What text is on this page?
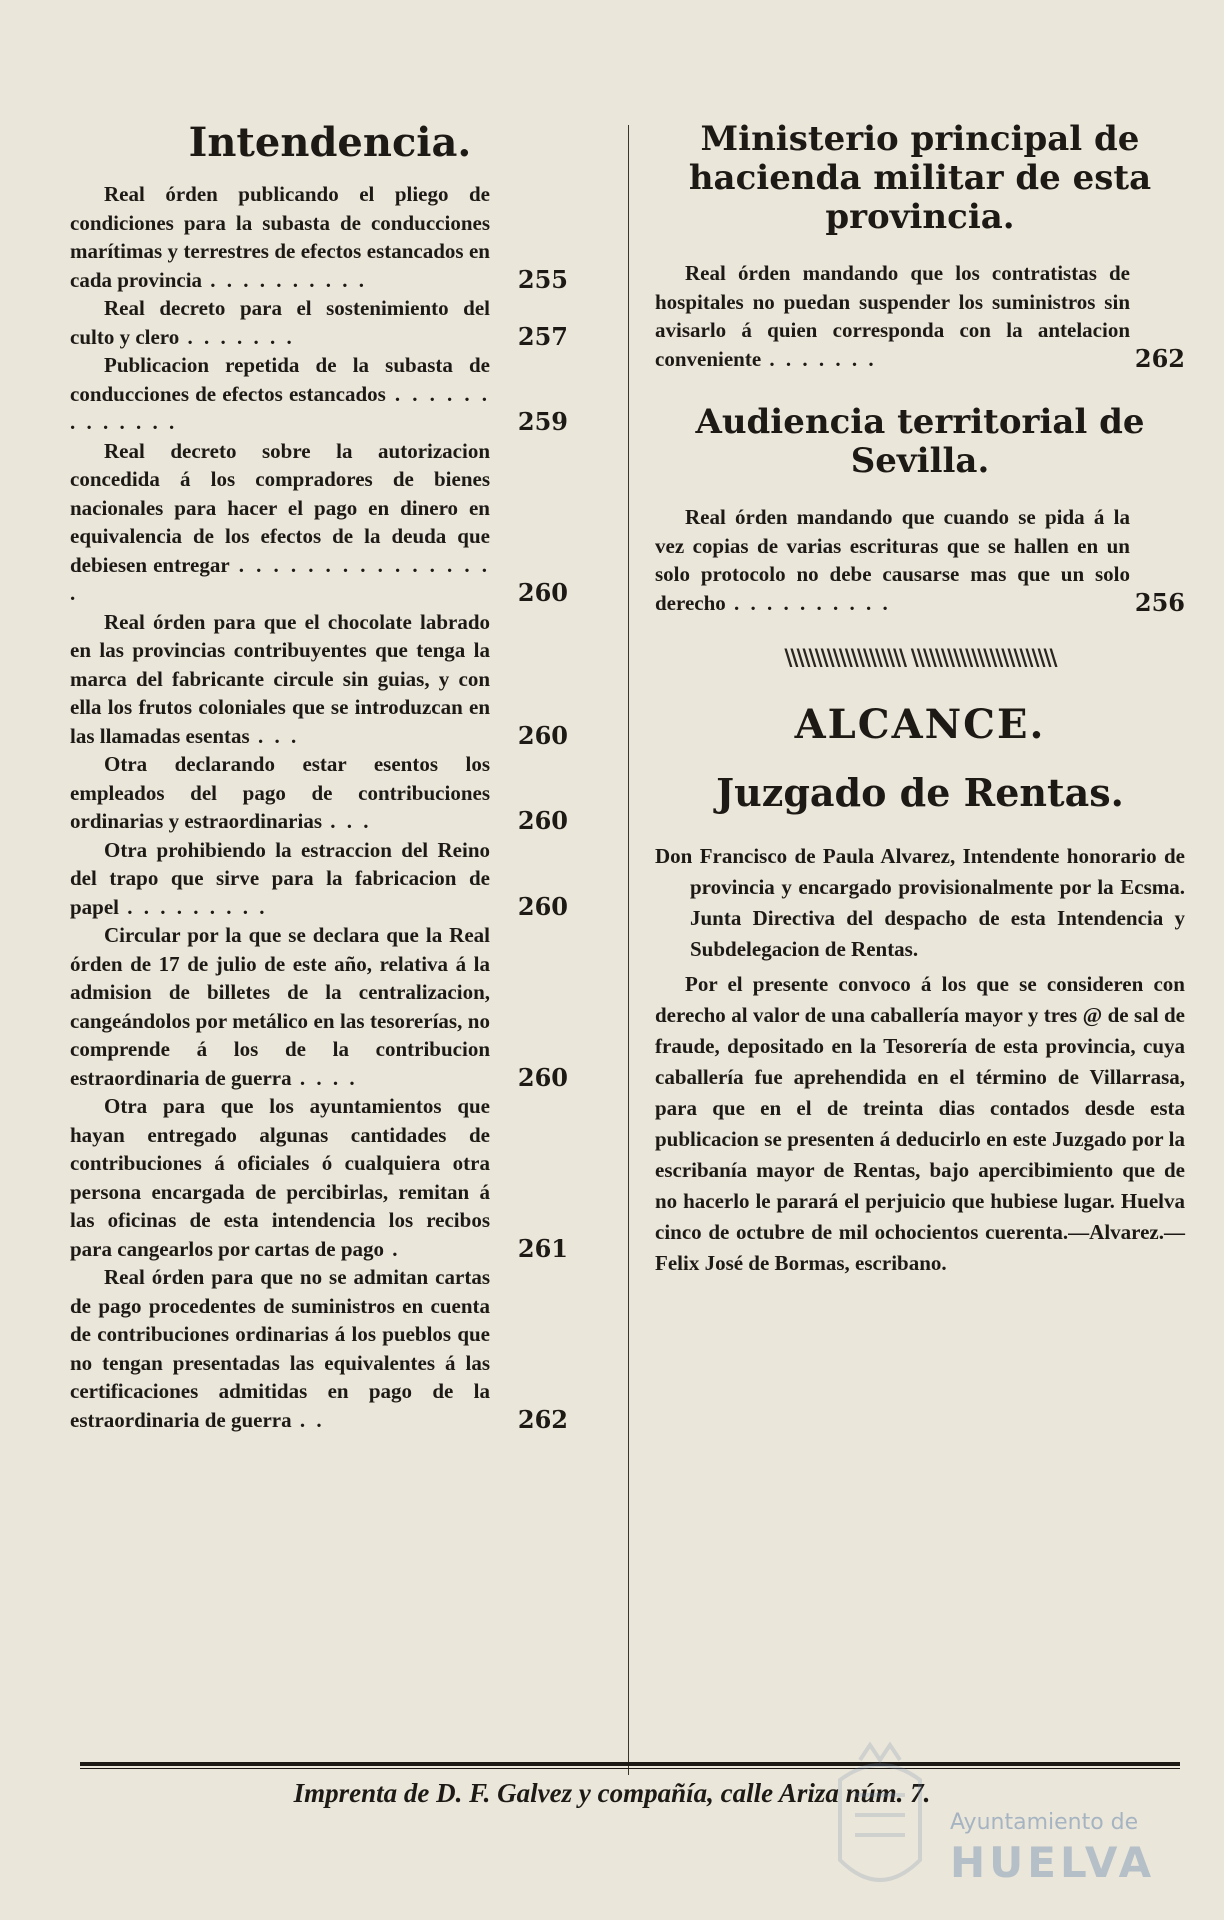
Intendencia.

Real órden publicando el pliego de condiciones para la subasta de conducciones marítimas y terrestres de efectos estancados en cada provincia . . . . . . . . . .	255

Real decreto para el sostenimiento del culto y clero . . . . . . .	257

Publicacion repetida de la subasta de conducciones de efectos estancados . . . . . . . . . . . . .	259

Real decreto sobre la autorizacion concedida á los compradores de bienes nacionales para hacer el pago en dinero en equivalencia de los efectos de la deuda que debiesen entregar . . . . . . . . . . . . . . . .	260

Real órden para que el chocolate labrado en las provincias contribuyentes que tenga la marca del fabricante circule sin guias, y con ella los frutos coloniales que se introduzcan en las llamadas esentas . . .	260

Otra declarando estar esentos los empleados del pago de contribuciones ordinarias y estraordinarias . . .	260

Otra prohibiendo la estraccion del Reino del trapo que sirve para la fabricacion de papel . . . . . . . . .	260

Circular por la que se declara que la Real órden de 17 de julio de este año, relativa á la admision de billetes de la centralizacion, cangeándolos por metálico en las tesorerías, no comprende á los de la contribucion estraordinaria de guerra . . . .	260

Otra para que los ayuntamientos que hayan entregado algunas cantidades de contribuciones á oficiales ó cualquiera otra persona encargada de percibirlas, remitan á las oficinas de esta intendencia los recibos para cangearlos por cartas de pago .	261

Real órden para que no se admitan cartas de pago procedentes de suministros en cuenta de contribuciones ordinarias á los pueblos que no tengan presentadas las equivalentes á las certificaciones admitidas en pago de la estraordinaria de guerra . .	262

Ministerio principal de hacienda militar de esta provincia.

Real órden mandando que los contratistas de hospitales no puedan suspender los suministros sin avisarlo á quien corresponda con la antelacion conveniente . . . . . . .	262

Audiencia territorial de Sevilla.

Real órden mandando que cuando se pida á la vez copias de varias escrituras que se hallen en un solo protocolo no debe causarse mas que un solo derecho . . . . . . . . . .	256

\\\\\\\\\\\\\\\\\\\\ \\\\\\\\\\\\\\\\\\\\\\\\
ALCANCE.
Juzgado de Rentas.

Don Francisco de Paula Alvarez, Intendente honorario de provincia y encargado provisionalmente por la Ecsma. Junta Directiva del despacho de esta Intendencia y Subdelegacion de Rentas.

Por el presente convoco á los que se consideren con derecho al valor de una caballería mayor y tres @ de sal de fraude, depositado en la Tesorería de esta provincia, cuya caballería fue aprehendida en el término de Villarrasa, para que en el de treinta dias contados desde esta publicacion se presenten á deducirlo en este Juzgado por la escribanía mayor de Rentas, bajo apercibimiento que de no hacerlo le parará el perjuicio que hubiese lugar. Huelva cinco de octubre de mil ochocientos cuerenta.—Alvarez.—Felix José de Bormas, escribano.

Imprenta de D. F. Galvez y compañía, calle Ariza núm. 7.
Ayuntamiento de
HUELVA
